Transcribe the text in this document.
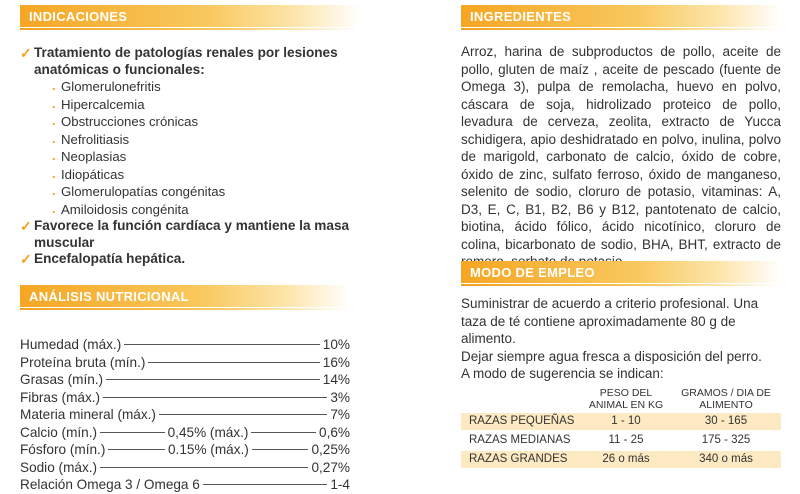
INDICACIONES
✓ Tratamiento de patologías renales por lesiones anatómicas o funcionales:
. Glomerulonefritis
. Hipercalcemia
. Obstrucciones crónicas
. Nefrolitiasis
. Neoplasias
. Idiopáticas
. Glomerulopatías congénitas
. Amiloidosis congénita
✓ Favorece la función cardíaca y mantiene la masa muscular
✓ Encefalopatía hepática.
ANÁLISIS NUTRICIONAL
Humedad (máx.)	10%
Proteína bruta (mín.)	16%
Grasas (mín.)	14%
Fibras (máx.)	3%
Materia mineral (máx.)	7%
Calcio (mín.)	0,45% (máx.)	0,6%
Fósforo (mín.)	0.15% (máx.)	0,25%
Sodio (máx.)	0,27%
Relación Omega 3 / Omega 6	1-4
INGREDIENTES
Arroz, harina de subproductos de pollo, aceite de pollo, gluten de maíz , aceite de pescado (fuente de Omega 3), pulpa de remolacha, huevo en polvo, cáscara de soja, hidrolizado proteico de pollo, levadura de cerveza, zeolita, extracto de Yucca schidigera, apio deshidratado en polvo, inulina, polvo de marigold, carbonato de calcio, óxido de cobre, óxido de zinc, sulfato ferroso, óxido de manganeso, selenito de sodio, cloruro de potasio, vitaminas: A, D3, E, C, B1, B2, B6 y B12, pantotenato de calcio, biotina, ácido fólico, ácido nicotínico, cloruro de colina, bicarbonato de sodio, BHA, BHT, extracto de
MODO DE EMPLEO
Suministrar de acuerdo a criterio profesional. Una taza de té contiene aproximadamente 80 g de alimento.
Dejar siempre agua fresca a disposición del perro.
A modo de sugerencia se indican:
PESO DEL ANIMAL EN KG
GRAMOS / DIA DE ALIMENTO
RAZAS PEQUEÑAS	1 - 10	30 - 165
RAZAS MEDIANAS	11 - 25	175 - 325
RAZAS GRANDES	26 o más	340 o más
